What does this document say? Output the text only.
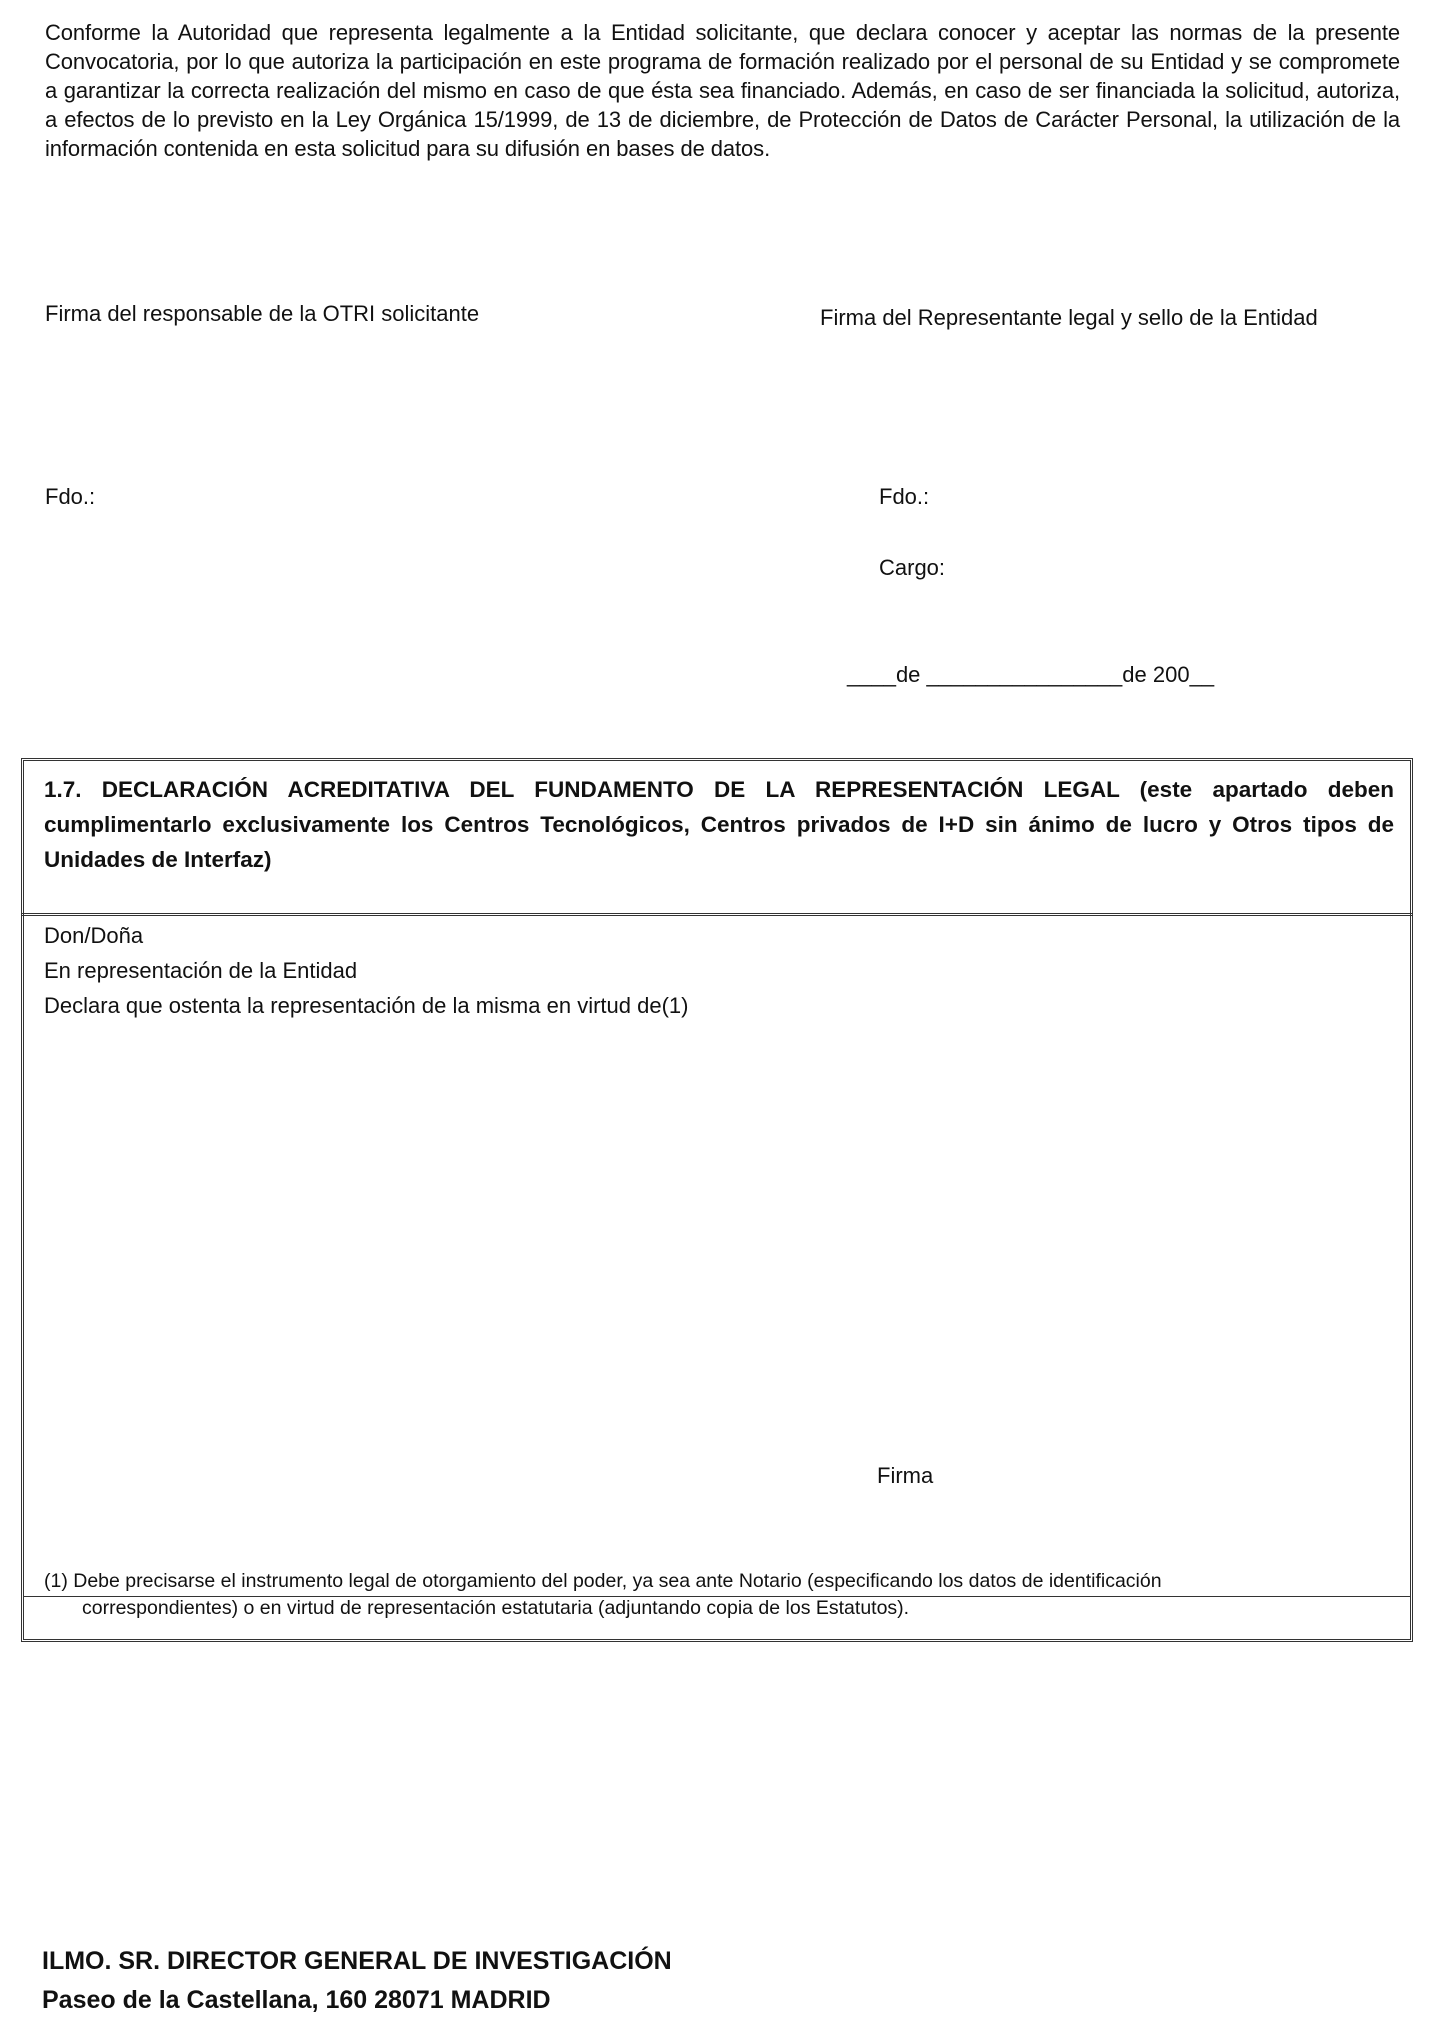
Conforme la Autoridad que representa legalmente a la Entidad solicitante, que declara conocer y aceptar las normas de la presente Convocatoria, por lo que autoriza la participación en este programa de formación realizado por el personal de su Entidad y se compromete a garantizar la correcta realización del mismo en caso de que ésta sea financiado. Además, en caso de ser financiada la solicitud, autoriza, a efectos de lo previsto en la Ley Orgánica 15/1999, de 13 de diciembre, de Protección de Datos de Carácter Personal, la utilización de la información contenida en esta solicitud para su difusión en bases de datos.
Firma del responsable de la OTRI solicitante	Firma del Representante legal y sello de la Entidad
Fdo.:	Fdo.:
Cargo:
____de ________________de 200__
1.7. DECLARACIÓN ACREDITATIVA DEL FUNDAMENTO DE LA REPRESENTACIÓN LEGAL (este apartado deben cumplimentarlo exclusivamente los Centros Tecnológicos, Centros privados de I+D sin ánimo de lucro y Otros tipos de Unidades de Interfaz)
Don/Doña
En representación de la Entidad
Declara que ostenta la representación de la misma en virtud de(1)
Firma
(1) Debe precisarse el instrumento legal de otorgamiento del poder, ya sea ante Notario (especificando los datos de identificación
correspondientes) o en virtud de representación estatutaria (adjuntando copia de los Estatutos).
ILMO. SR. DIRECTOR GENERAL DE INVESTIGACIÓN
Paseo de la Castellana, 160 28071 MADRID
